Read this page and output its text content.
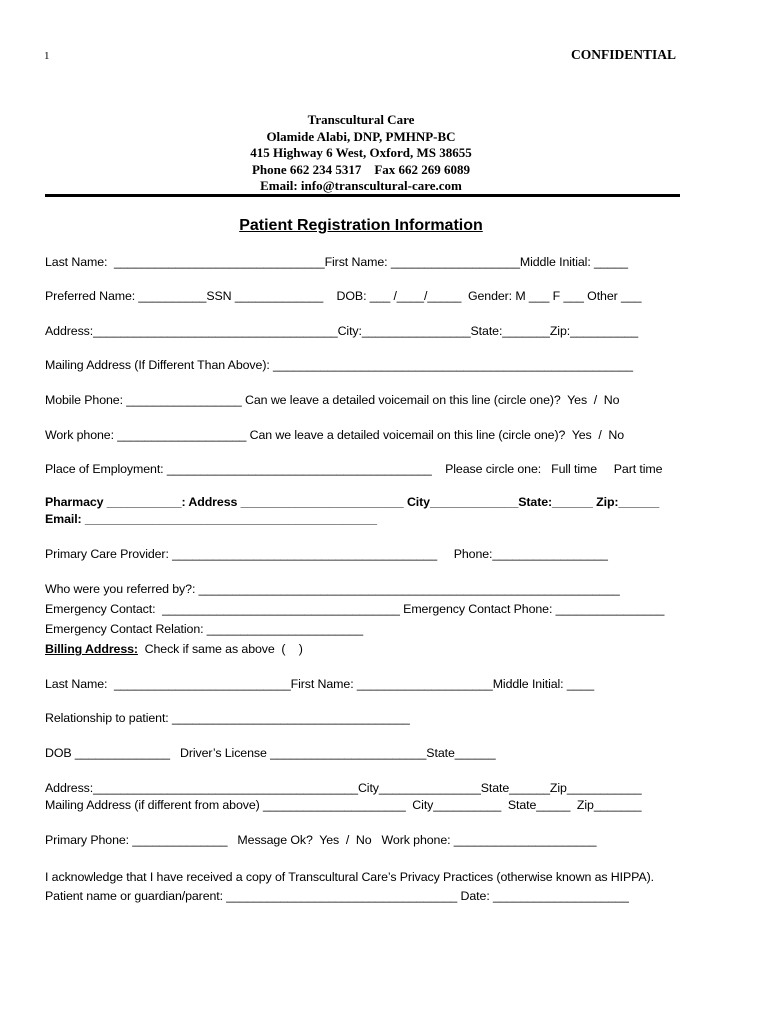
1	CONFIDENTIAL
Transcultural Care
Olamide Alabi, DNP, PMHNP-BC
415 Highway 6 West, Oxford, MS 38655
Phone 662 234 5317    Fax 662 269 6089
Email: info@transcultural-care.com
Patient Registration Information
Last Name:  _______________________________First Name: ___________________Middle Initial: _____
Preferred Name: __________SSN _____________    DOB: ___ /____/_____  Gender: M ___ F ___ Other ___
Address:____________________________________City:________________State:_______Zip:__________
Mailing Address (If Different Than Above): _____________________________________________________
Mobile Phone: _________________ Can we leave a detailed voicemail on this line (circle one)?  Yes  /  No
Work phone: ___________________ Can we leave a detailed voicemail on this line (circle one)?  Yes  /  No
Place of Employment: _______________________________________    Please circle one:   Full time     Part time
Pharmacy ___________: Address ________________________ City_____________State:______ Zip:______
Email: ___________________________________________
Primary Care Provider: _______________________________________     Phone:_________________
Who were you referred by?: ______________________________________________________________
Emergency Contact:  ___________________________________ Emergency Contact Phone: ________________
Emergency Contact Relation: _______________________
Billing Address:  Check if same as above  (    )
Last Name:  __________________________First Name: ____________________Middle Initial: ____
Relationship to patient: ___________________________________
DOB ______________   Driver’s License _______________________State______
Address:_______________________________________City_______________State______Zip___________
Mailing Address (if different from above) _____________________  City__________  State_____  Zip_______
Primary Phone: ______________   Message Ok?  Yes  /  No   Work phone: _____________________
I acknowledge that I have received a copy of Transcultural Care’s Privacy Practices (otherwise known as HIPPA).
Patient name or guardian/parent: __________________________________ Date: ____________________
